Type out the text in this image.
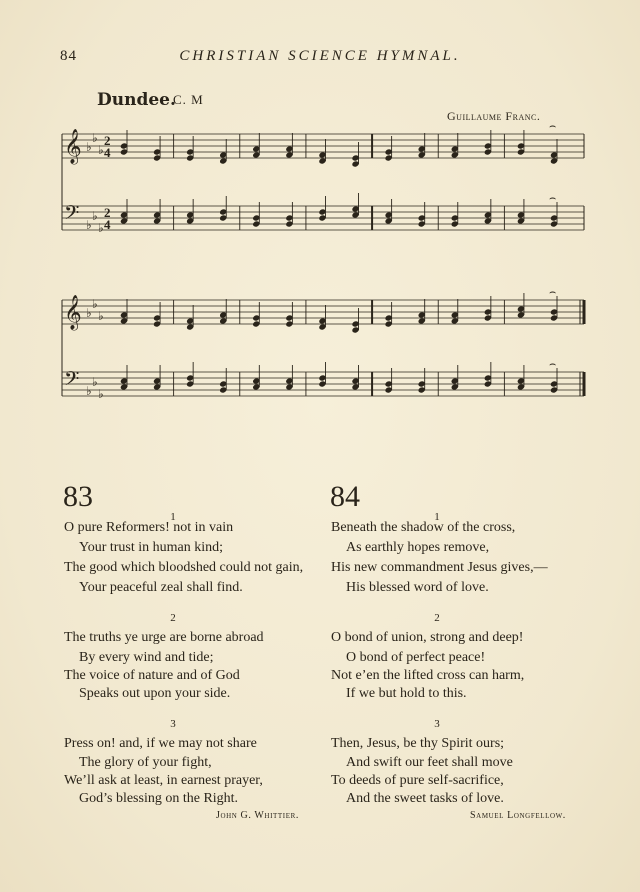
84	CHRISTIAN SCIENCE HYMNAL.
Dundee.
C. M
Guillaume Franc.
𝄞 ♭
♭
♭
2
4
𝄢 ♭
♭
♭
2
4
⌢
⌢
𝄞 ♭
♭
♭
𝄢 ♭
♭
♭
⌢
⌢
83
1
O pure Reformers! not in vain
Your trust in human kind;
The good which bloodshed could not gain,
Your peaceful zeal shall find.
2
The truths ye urge are borne abroad
By every wind and tide;
The voice of nature and of God
Speaks out upon your side.
3
Press on! and, if we may not share
The glory of your fight,
We’ll ask at least, in earnest prayer,
God’s blessing on the Right.
John G. Whittier.
84
1
Beneath the shadow of the cross,
As earthly hopes remove,
His new commandment Jesus gives,—
His blessed word of love.
2
O bond of union, strong and deep!
O bond of perfect peace!
Not e’en the lifted cross can harm,
If we but hold to this.
3
Then, Jesus, be thy Spirit ours;
And swift our feet shall move
To deeds of pure self-sacrifice,
And the sweet tasks of love.
Samuel Longfellow.
